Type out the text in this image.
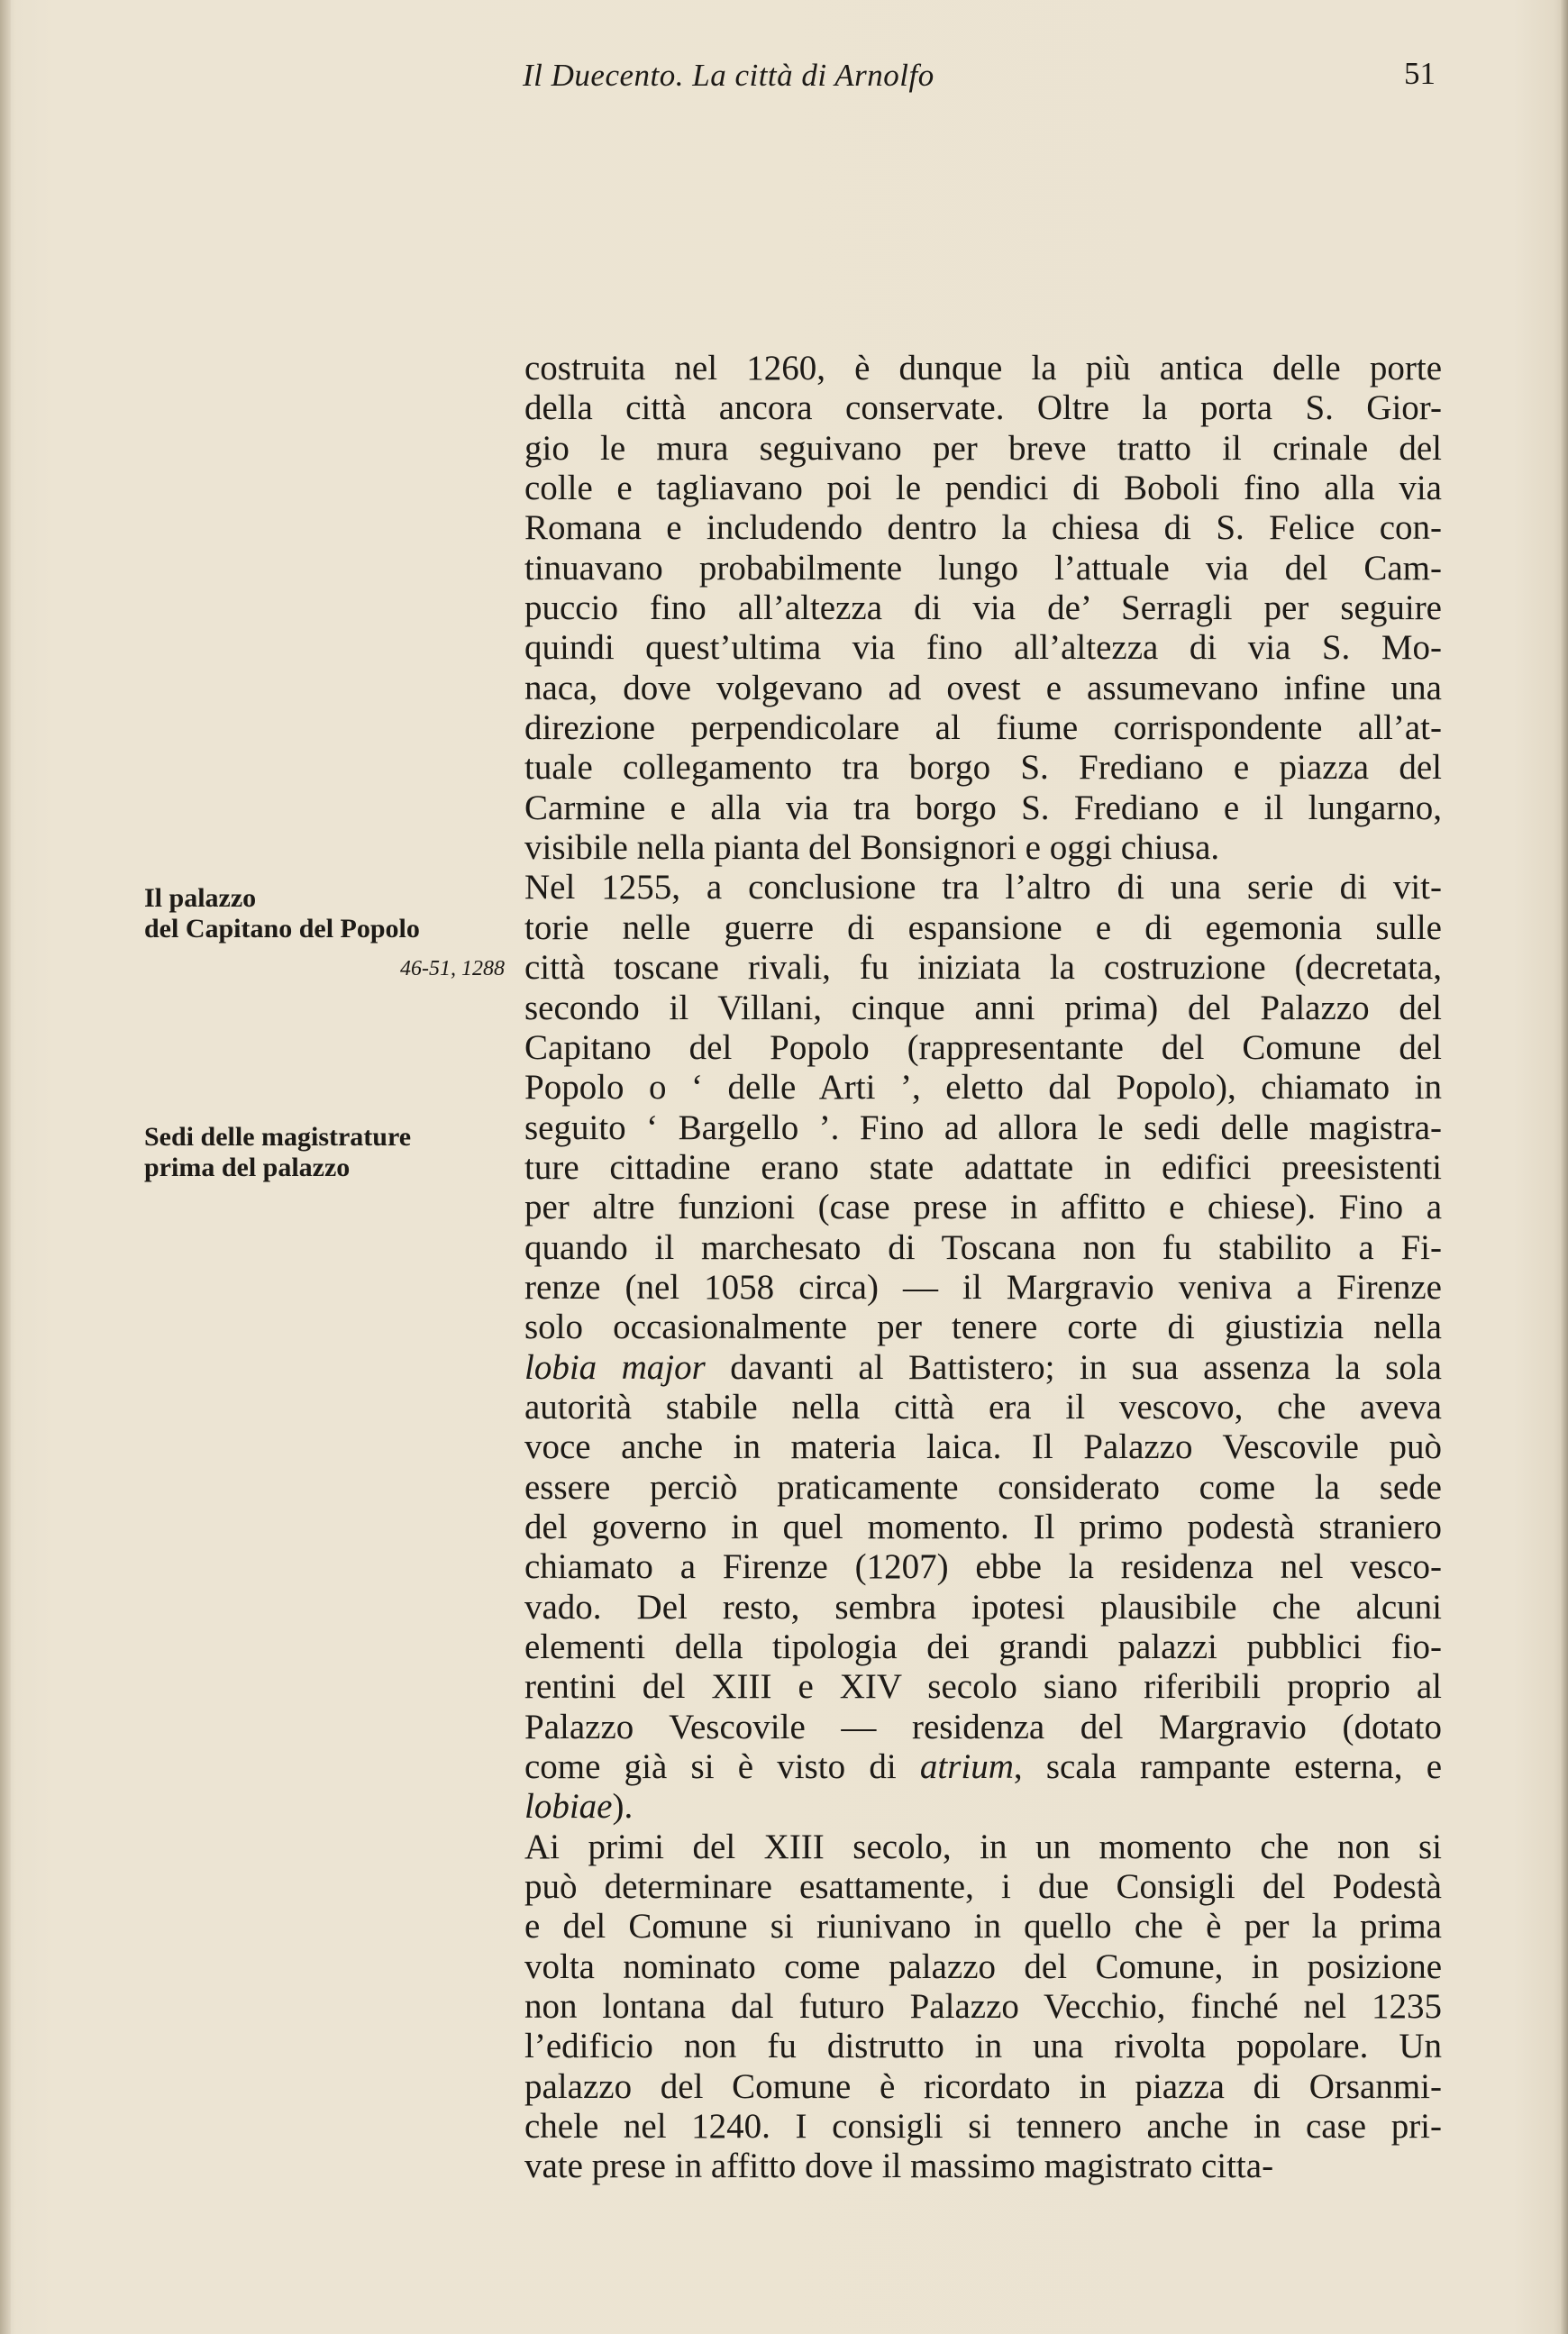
Il Duecento. La città di Arnolfo	51
Il palazzo
del Capitano del Popolo
46-51, 1288
Sedi delle magistrature
prima del palazzo
costruita nel 1260, è dunque la più antica delle porte
della città ancora conservate. Oltre la porta S. Gior-
gio le mura seguivano per breve tratto il crinale del
colle e tagliavano poi le pendici di Boboli fino alla via
Romana e includendo dentro la chiesa di S. Felice con-
tinuavano probabilmente lungo l’attuale via del Cam-
puccio fino all’altezza di via de’ Serragli per seguire
quindi quest’ultima via fino all’altezza di via S. Mo-
naca, dove volgevano ad ovest e assumevano infine una
direzione perpendicolare al fiume corrispondente all’at-
tuale collegamento tra borgo S. Frediano e piazza del
Carmine e alla via tra borgo S. Frediano e il lungarno,
visibile nella pianta del Bonsignori e oggi chiusa.
Nel 1255, a conclusione tra l’altro di una serie di vit-
torie nelle guerre di espansione e di egemonia sulle
città toscane rivali, fu iniziata la costruzione (decretata,
secondo il Villani, cinque anni prima) del Palazzo del
Capitano del Popolo (rappresentante del Comune del
Popolo o ‘ delle Arti ’, eletto dal Popolo), chiamato in
seguito ‘ Bargello ’. Fino ad allora le sedi delle magistra-
ture cittadine erano state adattate in edifici preesistenti
per altre funzioni (case prese in affitto e chiese). Fino a
quando il marchesato di Toscana non fu stabilito a Fi-
renze (nel 1058 circa) — il Margravio veniva a Firenze
solo occasionalmente per tenere corte di giustizia nella
lobia major davanti al Battistero; in sua assenza la sola
autorità stabile nella città era il vescovo, che aveva
voce anche in materia laica. Il Palazzo Vescovile può
essere perciò praticamente considerato come la sede
del governo in quel momento. Il primo podestà straniero
chiamato a Firenze (1207) ebbe la residenza nel vesco-
vado. Del resto, sembra ipotesi plausibile che alcuni
elementi della tipologia dei grandi palazzi pubblici fio-
rentini del XIII e XIV secolo siano riferibili proprio al
Palazzo Vescovile — residenza del Margravio (dotato
come già si è visto di atrium, scala rampante esterna, e
lobiae).
Ai primi del XIII secolo, in un momento che non si
può determinare esattamente, i due Consigli del Podestà
e del Comune si riunivano in quello che è per la prima
volta nominato come palazzo del Comune, in posizione
non lontana dal futuro Palazzo Vecchio, finché nel 1235
l’edificio non fu distrutto in una rivolta popolare. Un
palazzo del Comune è ricordato in piazza di Orsanmi-
chele nel 1240. I consigli si tennero anche in case pri-
vate prese in affitto dove il massimo magistrato citta-
